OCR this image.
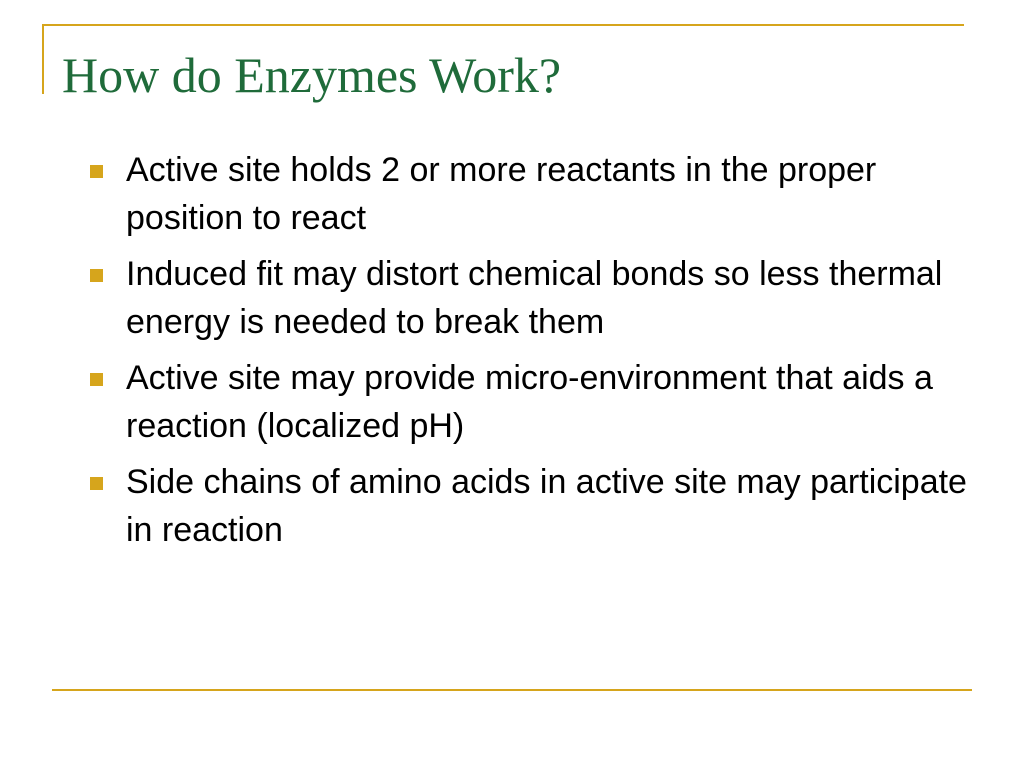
How do Enzymes Work?
Active site holds 2 or more reactants in the proper position to react
Induced fit may distort chemical bonds so less thermal energy is needed to break them
Active site may provide micro-environment that aids a reaction (localized pH)
Side chains of amino acids in active site may participate in reaction
